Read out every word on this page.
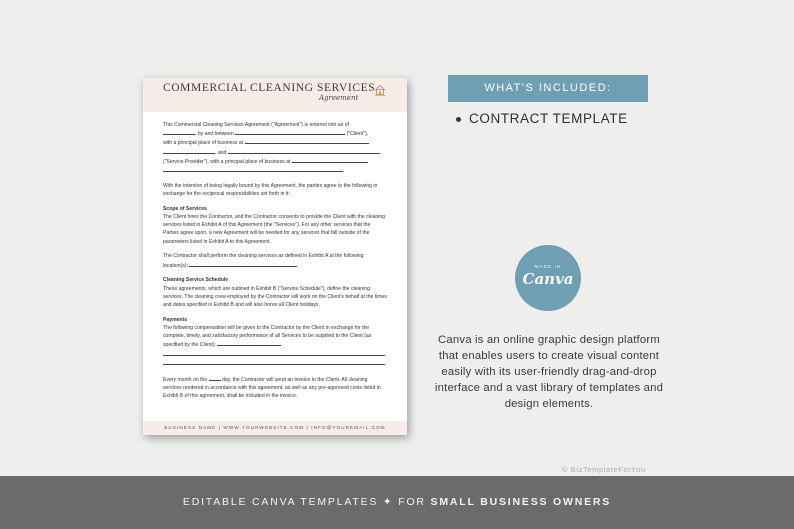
COMMERCIAL CLEANING SERVICES
Agreement

This Commercial Cleaning Services Agreement ("Agreement") is entered into as of
, by and between	("Client"),
with a principal place of business at
, and
("Service Provider"), with a principal place of business at
.

With the intention of being legally bound by this Agreement, the parties agree to the following in exchange for the reciprocal responsibilities set forth in it:

Scope of Services

The Client hires the Contractor, and the Contractor consents to provide the Client with the cleaning services listed in Exhibit A of this Agreement (the "Services"). For any other services that the Parties agree upon, a new Agreement will be needed for any services that fall outside of the parameters listed in Exhibit A to this Agreement.

The Contractor shall perform the cleaning services as defined in Exhibit A at the following location(s):	.

Cleaning Service Schedule

These agreements, which are outlined in Exhibit B ("Service Schedule"), define the cleaning services. The cleaning crew employed by the Contractor will work on the Client's behalf at the times and dates specified in Exhibit B and will also honor all Client holidays.

Payments

The following compensation will be given to the Contractor by the Client in exchange for the complete, timely, and satisfactory performance of all Services to be supplied to the Client (as specified by the Client):

Every month on the	day, the Contractor will send an invoice to the Client. All cleaning services rendered in accordance with this agreement, as well as any pre-approved costs listed in Exhibit B of this agreement, shall be included in the invoice.

BUSINESS NAME | WWW.YOURWEBSITE.COM | INFO@YOUREMAIL.COM
WHAT'S INCLUDED:
CONTRACT TEMPLATE
MADE IN
Canva
Canva is an online graphic design platform that enables users to create visual content easily with its user-friendly drag-and-drop interface and a vast library of templates and design elements.
© BizTemplateForYou
EDITABLE CANVA TEMPLATES ✦ FOR SMALL BUSINESS OWNERS
